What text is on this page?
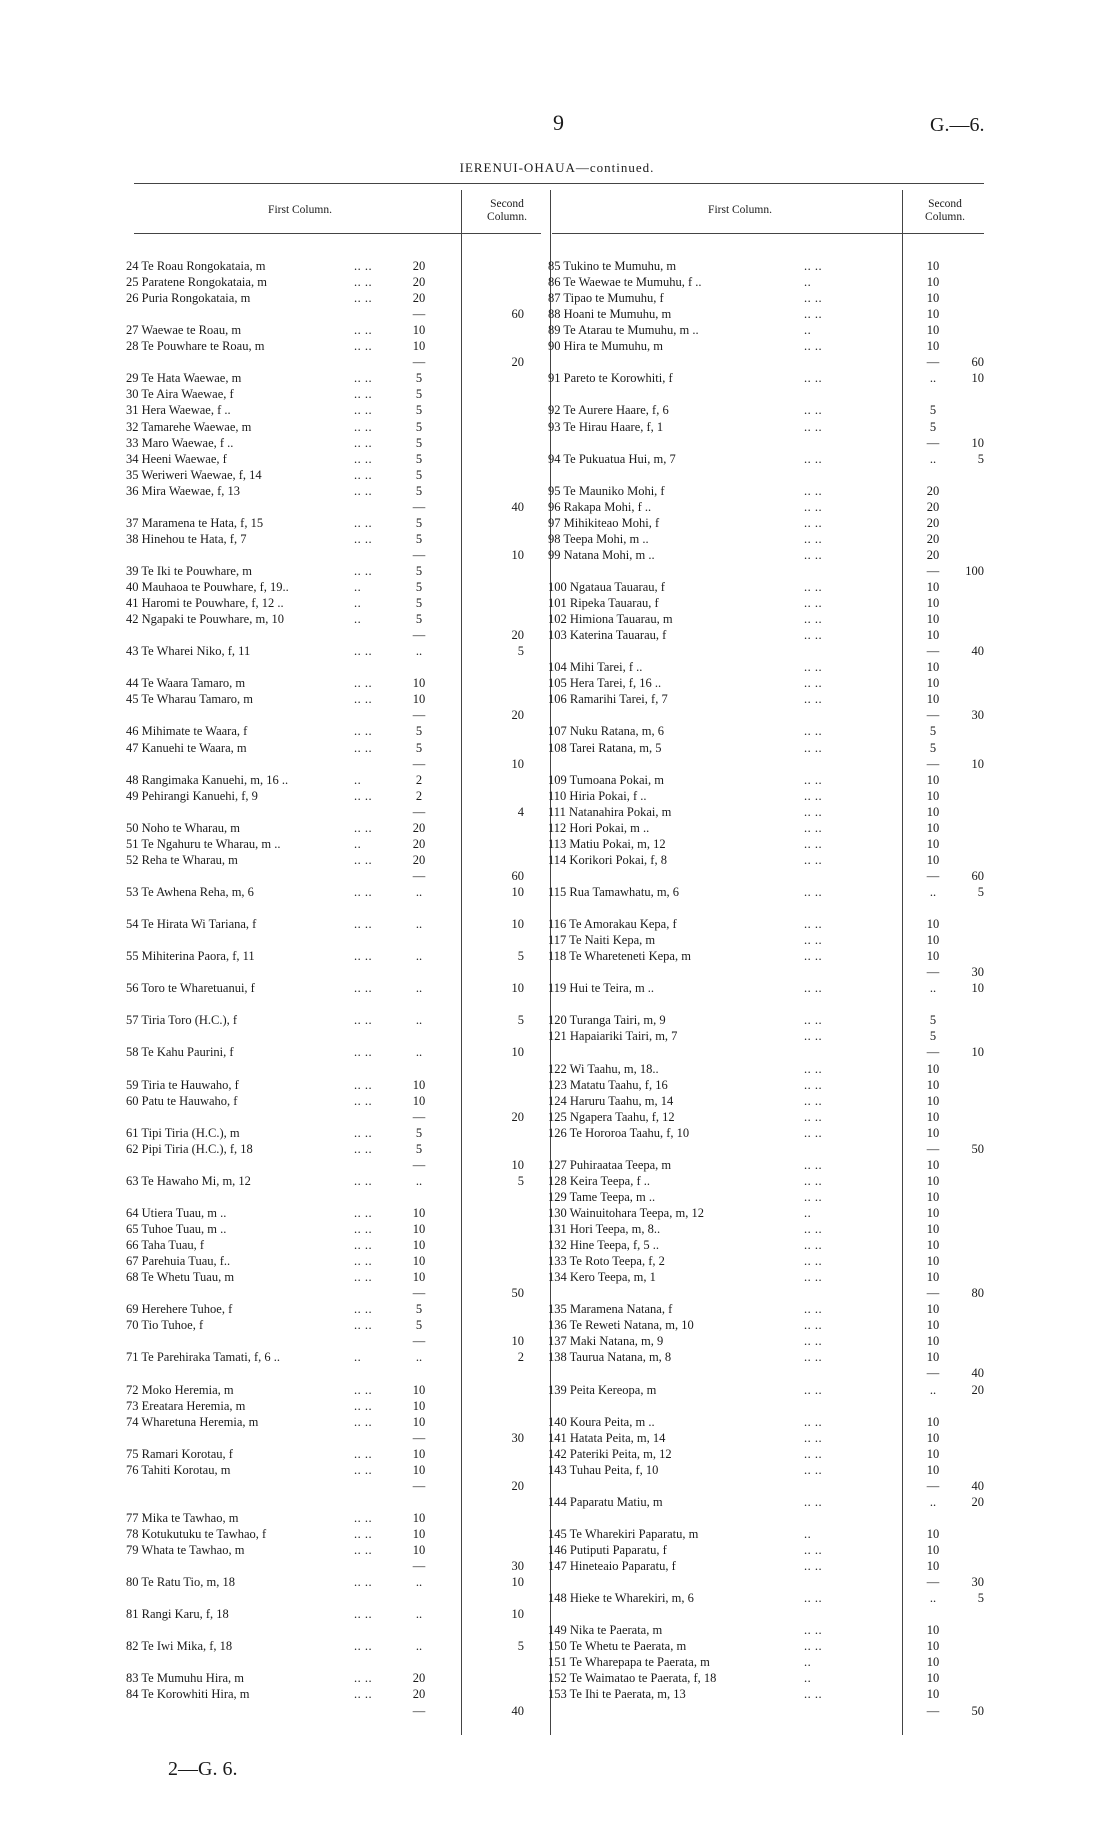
9	G.—6.
IERENUI-OHAUA—continued.
First Column.	Second Column.
First Column.	Second Column.
24 Te Roau Rongokataia, m	.. ..	20
25 Paratene Rongokataia, m	.. ..	20
26 Puria Rongokataia, m	.. ..	20
—	60
27 Waewae te Roau, m	.. ..	10
28 Te Pouwhare te Roau, m	.. ..	10
—	20
29 Te Hata Waewae, m	.. ..	5
30 Te Aira Waewae, f	.. ..	5
31 Hera Waewae, f ..	.. ..	5
32 Tamarehe Waewae, m	.. ..	5
33 Maro Waewae, f ..	.. ..	5
34 Heeni Waewae, f	.. ..	5
35 Weriweri Waewae, f, 14	.. ..	5
36 Mira Waewae, f, 13	.. ..	5
—	40
37 Maramena te Hata, f, 15	.. ..	5
38 Hinehou te Hata, f, 7	.. ..	5
—	10
39 Te Iki te Pouwhare, m	.. ..	5
40 Mauhaoa te Pouwhare, f, 19..	..	5
41 Haromi te Pouwhare, f, 12 ..	..	5
42 Ngapaki te Pouwhare, m, 10	..	5
—	20
43 Te Wharei Niko, f, 11	.. ..	..	5
44 Te Waara Tamaro, m	.. ..	10
45 Te Wharau Tamaro, m	.. ..	10
—	20
46 Mihimate te Waara, f	.. ..	5
47 Kanuehi te Waara, m	.. ..	5
—	10
48 Rangimaka Kanuehi, m, 16 ..	..	2
49 Pehirangi Kanuehi, f, 9	.. ..	2
—	4
50 Noho te Wharau, m	.. ..	20
51 Te Ngahuru te Wharau, m ..	..	20
52 Reha te Wharau, m	.. ..	20
—	60
53 Te Awhena Reha, m, 6	.. ..	..	10
54 Te Hirata Wi Tariana, f	.. ..	..	10
55 Mihiterina Paora, f, 11	.. ..	..	5
56 Toro te Wharetuanui, f	.. ..	..	10
57 Tiria Toro (H.C.), f	.. ..	..	5
58 Te Kahu Paurini, f	.. ..	..	10
59 Tiria te Hauwaho, f	.. ..	10
60 Patu te Hauwaho, f	.. ..	10
—	20
61 Tipi Tiria (H.C.), m	.. ..	5
62 Pipi Tiria (H.C.), f, 18	.. ..	5
—	10
63 Te Hawaho Mi, m, 12	.. ..	..	5
64 Utiera Tuau, m ..	.. ..	10
65 Tuhoe Tuau, m ..	.. ..	10
66 Taha Tuau, f	.. ..	10
67 Parehuia Tuau, f..	.. ..	10
68 Te Whetu Tuau, m	.. ..	10
—	50
69 Herehere Tuhoe, f	.. ..	5
70 Tio Tuhoe, f	.. ..	5
—	10
71 Te Parehiraka Tamati, f, 6 ..	..	..	2
72 Moko Heremia, m	.. ..	10
73 Ereatara Heremia, m	.. ..	10
74 Wharetuna Heremia, m	.. ..	10
—	30
75 Ramari Korotau, f	.. ..	10
76 Tahiti Korotau, m	.. ..	10
—	20
77 Mika te Tawhao, m	.. ..	10
78 Kotukutuku te Tawhao, f	.. ..	10
79 Whata te Tawhao, m	.. ..	10
—	30
80 Te Ratu Tio, m, 18	.. ..	..	10
81 Rangi Karu, f, 18	.. ..	..	10
82 Te Iwi Mika, f, 18	.. ..	..	5
83 Te Mumuhu Hira, m	.. ..	20
84 Te Korowhiti Hira, m	.. ..	20
—	40
85 Tukino te Mumuhu, m	.. ..	10
86 Te Waewae te Mumuhu, f ..	..	10
87 Tipao te Mumuhu, f	.. ..	10
88 Hoani te Mumuhu, m	.. ..	10
89 Te Atarau te Mumuhu, m ..	..	10
90 Hira te Mumuhu, m	.. ..	10
—	60
91 Pareto te Korowhiti, f	.. ..	..	10
92 Te Aurere Haare, f, 6	.. ..	5
93 Te Hirau Haare, f, 1	.. ..	5
—	10
94 Te Pukuatua Hui, m, 7	.. ..	..	5
95 Te Mauniko Mohi, f	.. ..	20
96 Rakapa Mohi, f ..	.. ..	20
97 Mihikiteao Mohi, f	.. ..	20
98 Teepa Mohi, m ..	.. ..	20
99 Natana Mohi, m ..	.. ..	20
—	100
100 Ngataua Tauarau, f	.. ..	10
101 Ripeka Tauarau, f	.. ..	10
102 Himiona Tauarau, m	.. ..	10
103 Katerina Tauarau, f	.. ..	10
—	40
104 Mihi Tarei, f ..	.. ..	10
105 Hera Tarei, f, 16 ..	.. ..	10
106 Ramarihi Tarei, f, 7	.. ..	10
—	30
107 Nuku Ratana, m, 6	.. ..	5
108 Tarei Ratana, m, 5	.. ..	5
—	10
109 Tumoana Pokai, m	.. ..	10
110 Hiria Pokai, f ..	.. ..	10
111 Natanahira Pokai, m	.. ..	10
112 Hori Pokai, m ..	.. ..	10
113 Matiu Pokai, m, 12	.. ..	10
114 Korikori Pokai, f, 8	.. ..	10
—	60
115 Rua Tamawhatu, m, 6	.. ..	..	5
116 Te Amorakau Kepa, f	.. ..	10
117 Te Naiti Kepa, m	.. ..	10
118 Te Whareteneti Kepa, m	.. ..	10
—	30
119 Hui te Teira, m ..	.. ..	..	10
120 Turanga Tairi, m, 9	.. ..	5
121 Hapaiariki Tairi, m, 7	.. ..	5
—	10
122 Wi Taahu, m, 18..	.. ..	10
123 Matatu Taahu, f, 16	.. ..	10
124 Haruru Taahu, m, 14	.. ..	10
125 Ngapera Taahu, f, 12	.. ..	10
126 Te Hororoa Taahu, f, 10	.. ..	10
—	50
127 Puhiraataa Teepa, m	.. ..	10
128 Keira Teepa, f ..	.. ..	10
129 Tame Teepa, m ..	.. ..	10
130 Wainuitohara Teepa, m, 12	..	10
131 Hori Teepa, m, 8..	.. ..	10
132 Hine Teepa, f, 5 ..	.. ..	10
133 Te Roto Teepa, f, 2	.. ..	10
134 Kero Teepa, m, 1	.. ..	10
—	80
135 Maramena Natana, f	.. ..	10
136 Te Reweti Natana, m, 10	.. ..	10
137 Maki Natana, m, 9	.. ..	10
138 Taurua Natana, m, 8	.. ..	10
—	40
139 Peita Kereopa, m	.. ..	..	20
140 Koura Peita, m ..	.. ..	10
141 Hatata Peita, m, 14	.. ..	10
142 Pateriki Peita, m, 12	.. ..	10
143 Tuhau Peita, f, 10	.. ..	10
—	40
144 Paparatu Matiu, m	.. ..	..	20
145 Te Wharekiri Paparatu, m	..	10
146 Putiputi Paparatu, f	.. ..	10
147 Hineteaio Paparatu, f	.. ..	10
—	30
148 Hieke te Wharekiri, m, 6	.. ..	..	5
149 Nika te Paerata, m	.. ..	10
150 Te Whetu te Paerata, m	.. ..	10
151 Te Wharepapa te Paerata, m	..	10
152 Te Waimatao te Paerata, f, 18	..	10
153 Te Ihi te Paerata, m, 13	.. ..	10
—	50
2—G. 6.
